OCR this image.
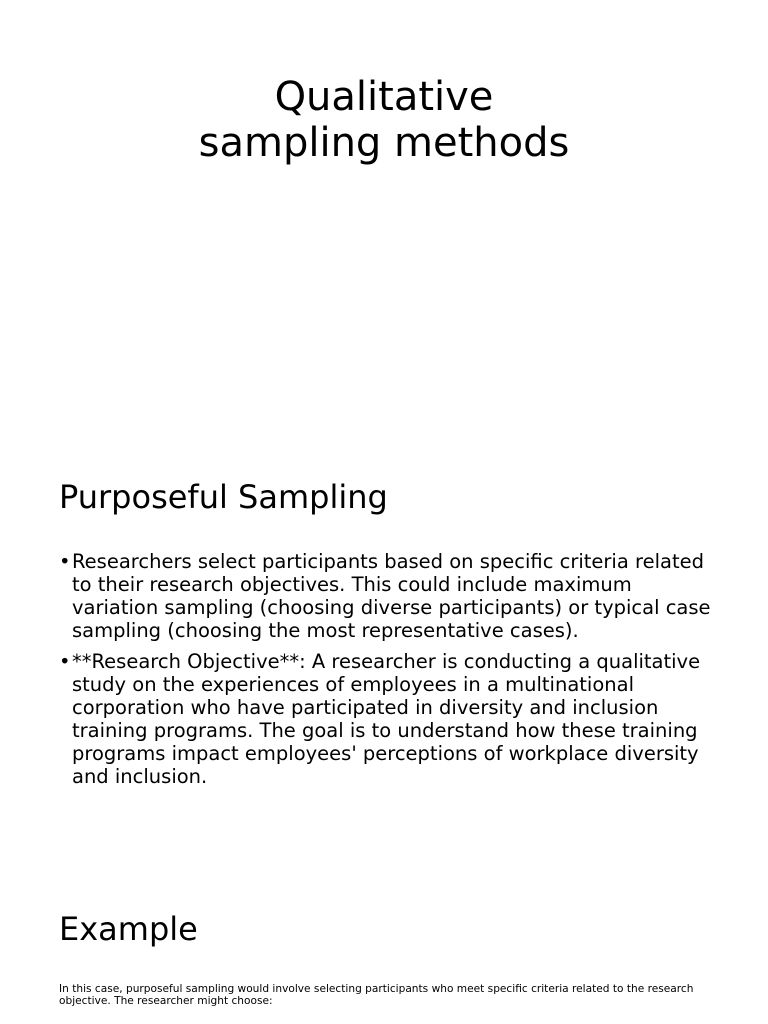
Qualitative
sampling methods
Purposeful Sampling
• Researchers select participants based on specific criteria related to their research objectives. This could include maximum variation sampling (choosing diverse participants) or typical case sampling (choosing the most representative cases).
• **Research Objective**: A researcher is conducting a qualitative study on the experiences of employees in a multinational corporation who have participated in diversity and inclusion training programs. The goal is to understand how these training programs impact employees' perceptions of workplace diversity and inclusion.
Example

In this case, purposeful sampling would involve selecting participants who meet specific criteria related to the research objective. The researcher might choose:
